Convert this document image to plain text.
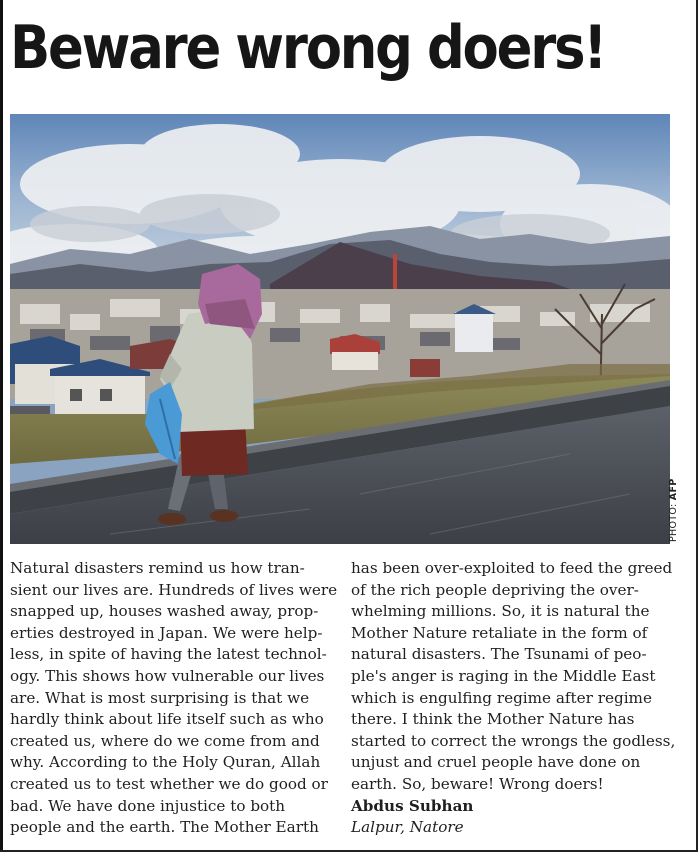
Beware wrong doers!
PHOTO: AFP
Natural disasters remind us how tran-
sient our lives are. Hundreds of lives were
snapped up, houses washed away, prop-
erties destroyed in Japan. We were help-
less, in spite of having the latest technol-
ogy. This shows how vulnerable our lives
are. What is most surprising is that we
hardly think about life itself such as who
created us, where do we come from and
why. According to the Holy Quran, Allah
created us to test whether we do good or
bad. We have done injustice to both
people and the earth. The Mother Earth
has been over-exploited to feed the greed
of the rich people depriving the over-
whelming millions. So, it is natural the
Mother Nature retaliate in the form of
natural disasters. The Tsunami of peo-
ple's anger is raging in the Middle East
which is engulfing regime after regime
there. I think the Mother Nature has
started to correct the wrongs the godless,
unjust and cruel people have done on
earth. So, beware! Wrong doers!
Abdus Subhan
Lalpur, Natore
